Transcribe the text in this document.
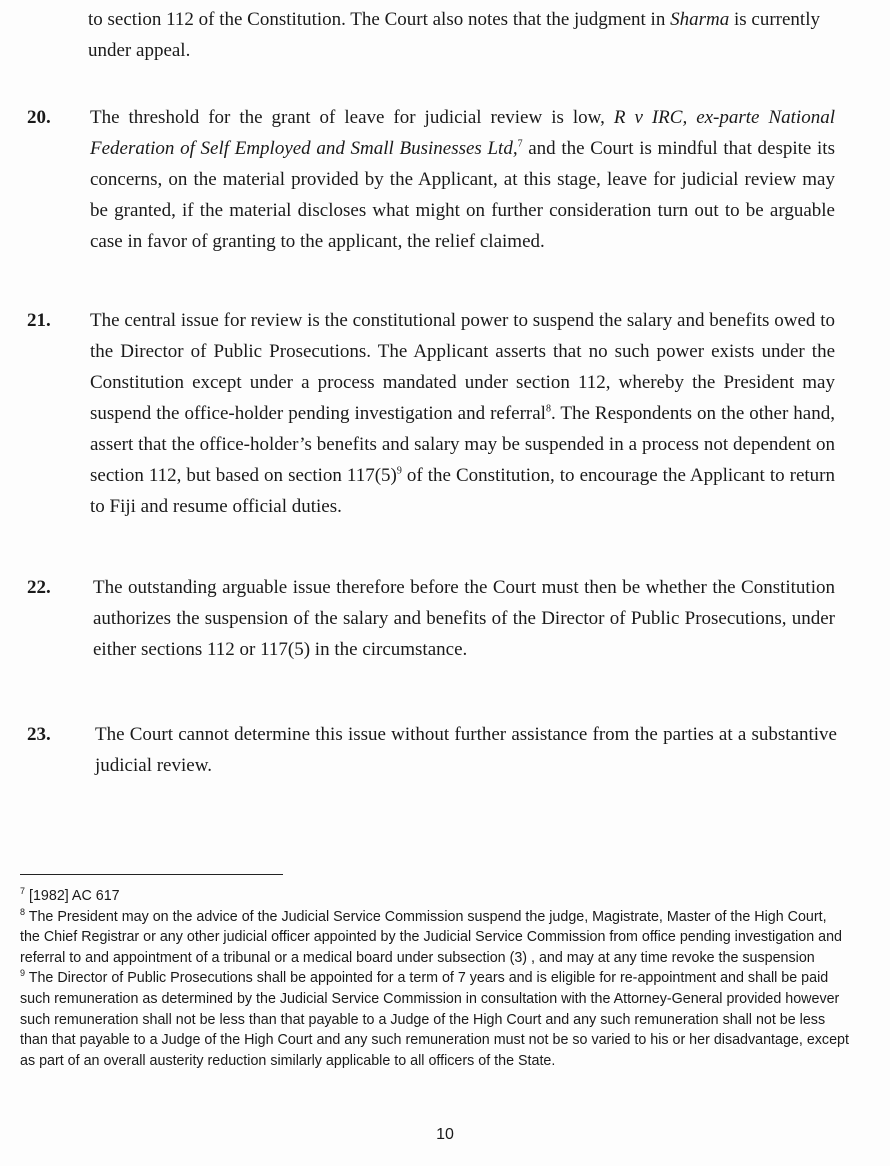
to section 112 of the Constitution. The Court also notes that the judgment in Sharma is currently under appeal.
20. The threshold for the grant of leave for judicial review is low, R v IRC, ex-parte National Federation of Self Employed and Small Businesses Ltd,$^7$ and the Court is mindful that despite its concerns, on the material provided by the Applicant, at this stage, leave for judicial review may be granted, if the material discloses what might on further consideration turn out to be arguable case in favor of granting to the applicant, the relief claimed.
21. The central issue for review is the constitutional power to suspend the salary and benefits owed to the Director of Public Prosecutions. The Applicant asserts that no such power exists under the Constitution except under a process mandated under section 112, whereby the President may suspend the office-holder pending investigation and referral$^8$. The Respondents on the other hand, assert that the office-holder’s benefits and salary may be suspended in a process not dependent on section 112, but based on section $117(5)^9$ of the Constitution, to encourage the Applicant to return to Fiji and resume official duties.
22. The outstanding arguable issue therefore before the Court must then be whether the Constitution authorizes the suspension of the salary and benefits of the Director of Public Prosecutions, under either sections 112 or 117(5) in the circumstance.
23. The Court cannot determine this issue without further assistance from the parties at a substantive judicial review.
$^7$ [1982] AC 617
$^8$ The President may on the advice of the Judicial Service Commission suspend the judge, Magistrate, Master of the High Court, the Chief Registrar or any other judicial officer appointed by the Judicial Service Commission from office pending investigation and referral to and appointment of a tribunal or a medical board under subsection (3) , and may at any time revoke the suspension
$^9$ The Director of Public Prosecutions shall be appointed for a term of 7 years and is eligible for re-appointment and shall be paid such remuneration as determined by the Judicial Service Commission in consultation with the Attorney-General provided however such remuneration shall not be less than that payable to a Judge of the High Court and any such remuneration shall not be less than that payable to a Judge of the High Court and any such remuneration must not be so varied to his or her disadvantage, except as part of an overall austerity reduction similarly applicable to all officers of the State.
10
